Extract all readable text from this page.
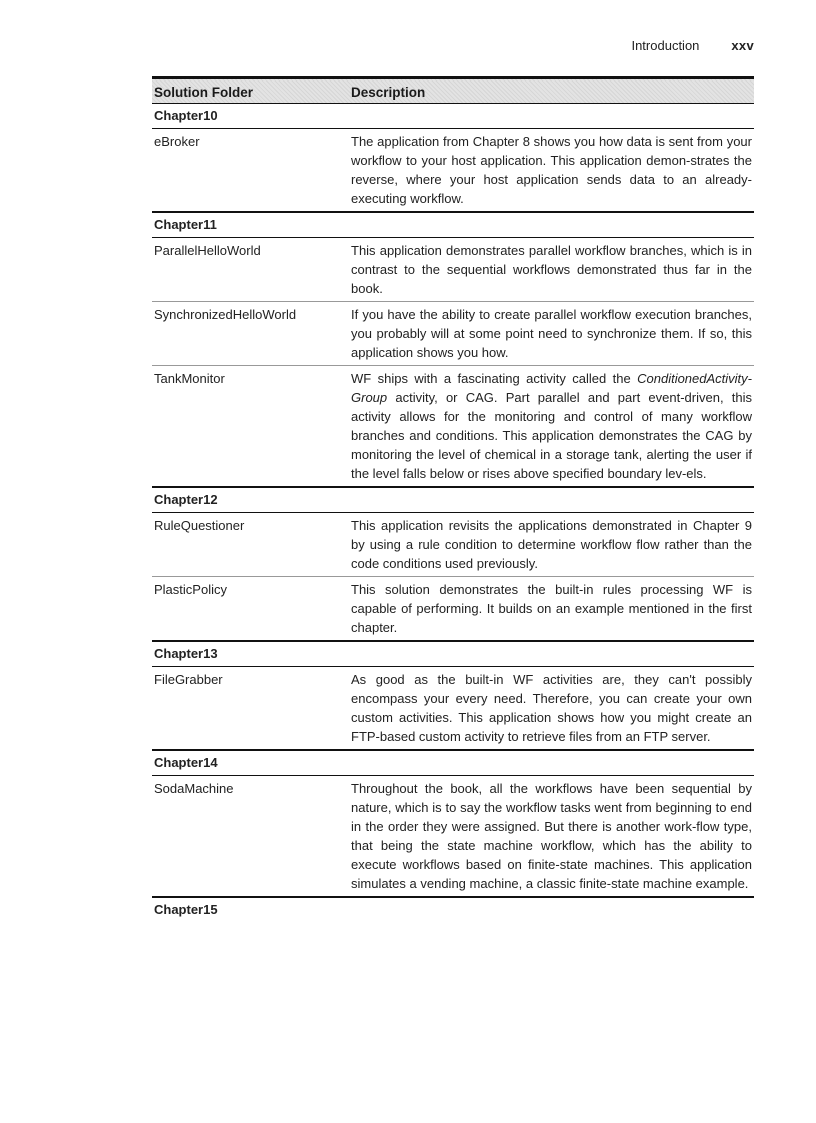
Introduction xxv
Solution Folder	Description
Chapter10	
eBroker	The application from Chapter 8 shows you how data is sent from your workflow to your host application. This application demon-strates the reverse, where your host application sends data to an already-executing workflow.
Chapter11	
ParallelHelloWorld	This application demonstrates parallel workflow branches, which is in contrast to the sequential workflows demonstrated thus far in the book.
SynchronizedHelloWorld	If you have the ability to create parallel workflow execution branches, you probably will at some point need to synchronize them. If so, this application shows you how.
TankMonitor	WF ships with a fascinating activity called the ConditionedActivity-Group activity, or CAG. Part parallel and part event-driven, this activity allows for the monitoring and control of many workflow branches and conditions. This application demonstrates the CAG by monitoring the level of chemical in a storage tank, alerting the user if the level falls below or rises above specified boundary lev-els.
Chapter12	
RuleQuestioner	This application revisits the applications demonstrated in Chapter 9 by using a rule condition to determine workflow flow rather than the code conditions used previously.
PlasticPolicy	This solution demonstrates the built-in rules processing WF is capable of performing. It builds on an example mentioned in the first chapter.
Chapter13	
FileGrabber	As good as the built-in WF activities are, they can't possibly encompass your every need. Therefore, you can create your own custom activities. This application shows how you might create an FTP-based custom activity to retrieve files from an FTP server.
Chapter14	
SodaMachine	Throughout the book, all the workflows have been sequential by nature, which is to say the workflow tasks went from beginning to end in the order they were assigned. But there is another work-flow type, that being the state machine workflow, which has the ability to execute workflows based on finite-state machines. This application simulates a vending machine, a classic finite-state machine example.
Chapter15	
